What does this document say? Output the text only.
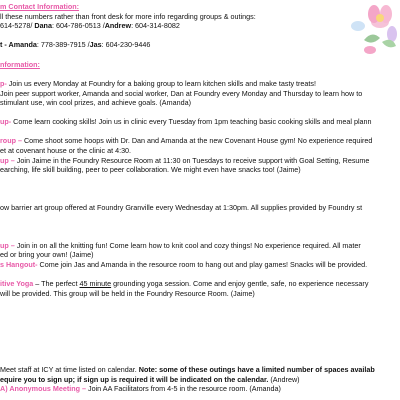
m Contact Information:
ll these numbers rather than front desk for more info regarding groups & outings:
614-5278/ Dana: 604-786-0513 /Andrew: 604-314-8082
t - Amanda: 778-389-7915 /Jas: 604-230-9446
nformation:
p- Join us every Monday at Foundry for a baking group to learn kitchen skills and make tasty treats!
Join peer support worker, Amanda and social worker, Dan at Foundry every Monday and Thursday to learn how to
stimulant use, win cool prizes, and achieve goals. (Amanda)
up- Come learn cooking skills! Join us in clinic every Tuesday from 1pm teaching basic cooking skills and meal plann
roup – Come shoot some hoops with Dr. Dan and Amanda at the new Covenant House gym! No experience required
et at covenant house or the clinic at 4:30.
up – Join Jaime in the Foundry Resource Room at 11:30 on Tuesdays to receive support with Goal Setting, Resume
earching, life skill building, peer to peer collaboration. We might even have snacks too! (Jaime)
ow barrier art group offered at Foundry Granville every Wednesday at 1:30pm. All supplies provided by Foundry st
up – Join in on all the knitting fun! Come learn how to knit cool and cozy things! No experience required. All mater
ed or bring your own! (Jaime)
s Hangout- Come join Jas and Amanda in the resource room to hang out and play games! Snacks will be provided.
itive Yoga – The perfect 45 minute grounding yoga session. Come and enjoy gentle, safe, no experience necessary
will be provided. This group will be held in the Foundry Resource Room. (Jaime)
Meet staff at ICY at time listed on calendar. Note: some of these outings have a limited number of spaces availab
equire you to sign up; if sign up is required it will be indicated on the calendar. (Andrew)
A) Anonymous Meeting – Join AA Facilitators from 4-5 in the resource room. (Amanda)
